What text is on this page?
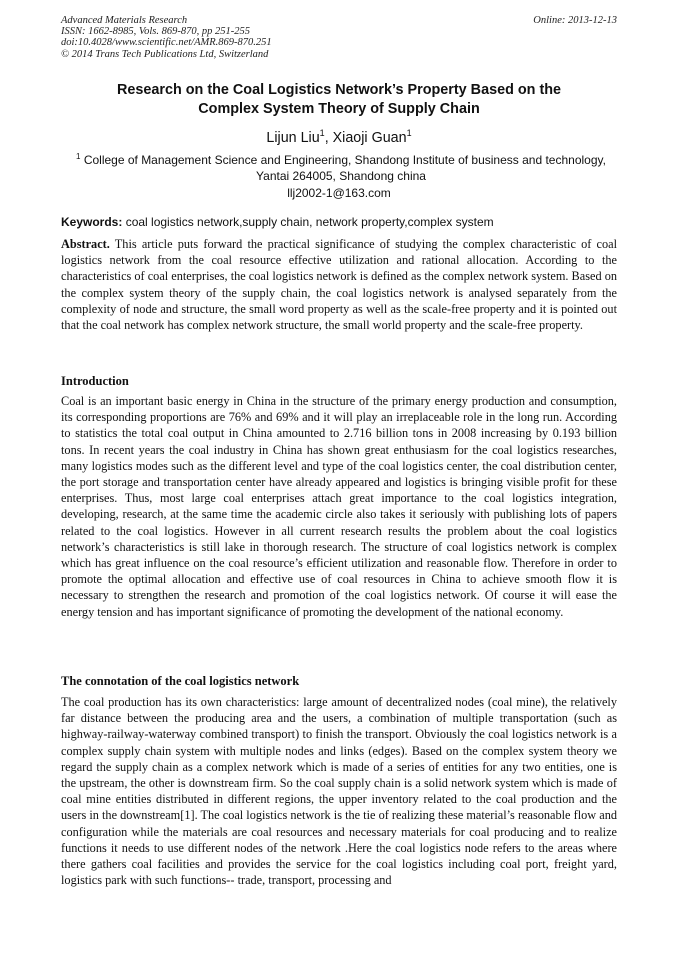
Advanced Materials Research
ISSN: 1662-8985, Vols. 869-870, pp 251-255
doi:10.4028/www.scientific.net/AMR.869-870.251
© 2014 Trans Tech Publications Ltd, Switzerland
Online: 2013-12-13
Research on the Coal Logistics Network’s Property Based on the
Complex System Theory of Supply Chain
Lijun Liu$^1$, Xiaoji Guan$^1$
$^1$ College of Management Science and Engineering, Shandong Institute of business and technology,
Yantai 264005, Shandong china
llj2002-1@163.com
Keywords: coal logistics network,supply chain, network property,complex system

Abstract. This article puts forward the practical significance of studying the complex characteristic of coal logistics network from the coal resource effective utilization and rational allocation. According to the characteristics of coal enterprises, the coal logistics network is defined as the complex network system. Based on the complex system theory of the supply chain, the coal logistics network is analysed separately from the complexity of node and structure, the small word property as well as the scale-free property and it is pointed out that the coal network has complex network structure, the small world property and the scale-free property.

Introduction

Coal is an important basic energy in China in the structure of the primary energy production and consumption, its corresponding proportions are 76% and 69% and it will play an irreplaceable role in the long run. According to statistics the total coal output in China amounted to 2.716 billion tons in 2008 increasing by 0.193 billion tons. In recent years the coal industry in China has shown great enthusiasm for the coal logistics researches, many logistics modes such as the different level and type of the coal logistics center, the coal distribution center, the port storage and transportation center have already appeared and logistics is bringing visible profit for these enterprises. Thus, most large coal enterprises attach great importance to the coal logistics integration, developing, research, at the same time the academic circle also takes it seriously with publishing lots of papers related to the coal logistics. However in all current research results the problem about the coal logistics network’s characteristics is still lake in thorough research. The structure of coal logistics network is complex which has great influence on the coal resource’s efficient utilization and reasonable flow. Therefore in order to promote the optimal allocation and effective use of coal resources in China to achieve smooth flow it is necessary to strengthen the research and promotion of the coal logistics network. Of course it will ease the energy tension and has important significance of promoting the development of the national economy.

The connotation of the coal logistics network

The coal production has its own characteristics: large amount of decentralized nodes (coal mine), the relatively far distance between the producing area and the users, a combination of multiple transportation (such as highway-railway-waterway combined transport) to finish the transport. Obviously the coal logistics network is a complex supply chain system with multiple nodes and links (edges). Based on the complex system theory we regard the supply chain as a complex network which is made of a series of entities for any two entities, one is the upstream, the other is downstream firm. So the coal supply chain is a solid network system which is made of coal mine entities distributed in different regions, the upper inventory related to the coal production and the users in the downstream[1]. The coal logistics network is the tie of realizing these material’s reasonable flow and configuration while the materials are coal resources and necessary materials for coal producing and to realize functions it needs to use different nodes of the network .Here the coal logistics node refers to the areas where there gathers coal facilities and provides the service for the coal logistics including coal port, freight yard, logistics park with such functions-- trade, transport, processing and
